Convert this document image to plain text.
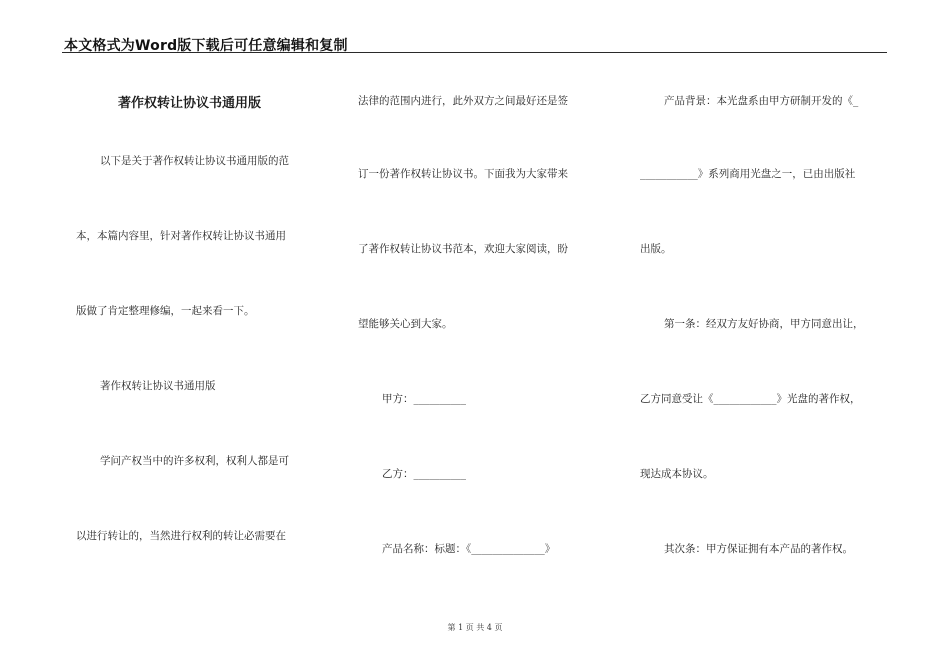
本文格式为Word版下载后可任意编辑和复制
著作权转让协议书通用版
以下是关于著作权转让协议书通用版的范
本，本篇内容里，针对著作权转让协议书通用
版做了肯定整理修编，一起来看一下。
著作权转让协议书通用版
学问产权当中的许多权利，权利人都是可
以进行转让的，当然进行权利的转让必需要在
法律的范围内进行，此外双方之间最好还是签
订一份著作权转让协议书。下面我为大家带来
了著作权转让协议书范本，欢迎大家阅读，盼
望能够关心到大家。
甲方：__________
乙方：__________
产品名称：标题：《______________》
产品背景：本光盘系由甲方研制开发的《_
___________》系列商用光盘之一，已由出版社
出版。
第一条：经双方友好协商，甲方同意出让，
乙方同意受让《____________》光盘的著作权，
现达成本协议。
其次条：甲方保证拥有本产品的著作权。
第 1 页 共 4 页
